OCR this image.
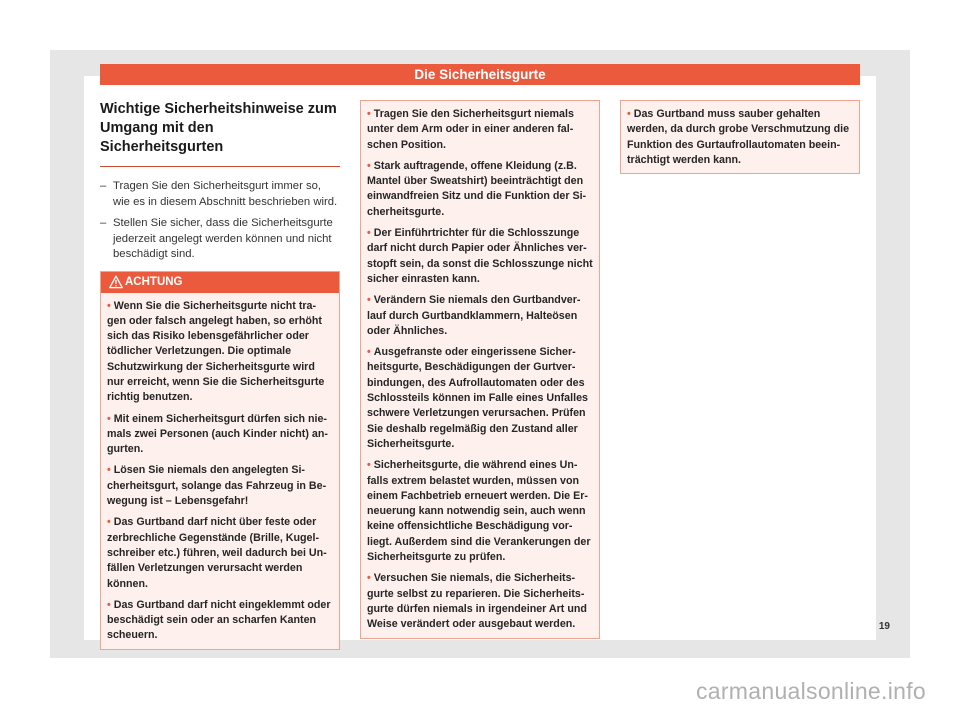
Die Sicherheitsgurte
Wichtige Sicherheitshinweise zum
Umgang mit den Sicherheitsgurten
– Tragen Sie den Sicherheitsgurt immer so, wie es in diesem Abschnitt beschrieben wird.
– Stellen Sie sicher, dass die Sicherheitsgurte jederzeit angelegt werden können und nicht beschädigt sind.
ACHTUNG
• Wenn Sie die Sicherheitsgurte nicht tra-gen oder falsch angelegt haben, so erhöht sich das Risiko lebensgefährlicher oder tödlicher Verletzungen. Die optimale Schutzwirkung der Sicherheitsgurte wird nur erreicht, wenn Sie die Sicherheitsgurte richtig benutzen.
• Mit einem Sicherheitsgurt dürfen sich nie-mals zwei Personen (auch Kinder nicht) an-gurten.
• Lösen Sie niemals den angelegten Si-cherheitsgurt, solange das Fahrzeug in Be-wegung ist – Lebensgefahr!
• Das Gurtband darf nicht über feste oder zerbrechliche Gegenstände (Brille, Kugel-schreiber etc.) führen, weil dadurch bei Un-fällen Verletzungen verursacht werden können.
• Das Gurtband darf nicht eingeklemmt oder beschädigt sein oder an scharfen Kanten scheuern.
• Tragen Sie den Sicherheitsgurt niemals unter dem Arm oder in einer anderen fal-schen Position.
• Stark auftragende, offene Kleidung (z.B. Mantel über Sweatshirt) beeinträchtigt den einwandfreien Sitz und die Funktion der Si-cherheitsgurte.
• Der Einführtrichter für die Schlosszunge darf nicht durch Papier oder Ähnliches ver-stopft sein, da sonst die Schlosszunge nicht sicher einrasten kann.
• Verändern Sie niemals den Gurtbandver-lauf durch Gurtbandklammern, Halteösen oder Ähnliches.
• Ausgefranste oder eingerissene Sicher-heitsgurte, Beschädigungen der Gurtver-bindungen, des Aufrollautomaten oder des Schlossteils können im Falle eines Unfalles schwere Verletzungen verursachen. Prüfen Sie deshalb regelmäßig den Zustand aller Sicherheitsgurte.
• Sicherheitsgurte, die während eines Un-falls extrem belastet wurden, müssen von einem Fachbetrieb erneuert werden. Die Er-neuerung kann notwendig sein, auch wenn keine offensichtliche Beschädigung vor-liegt. Außerdem sind die Verankerungen der Sicherheitsgurte zu prüfen.
• Versuchen Sie niemals, die Sicherheits-gurte selbst zu reparieren. Die Sicherheits-gurte dürfen niemals in irgendeiner Art und Weise verändert oder ausgebaut werden.
• Das Gurtband muss sauber gehalten werden, da durch grobe Verschmutzung die Funktion des Gurtaufrollautomaten beein-trächtigt werden kann.
19
carmanualsonline.info
